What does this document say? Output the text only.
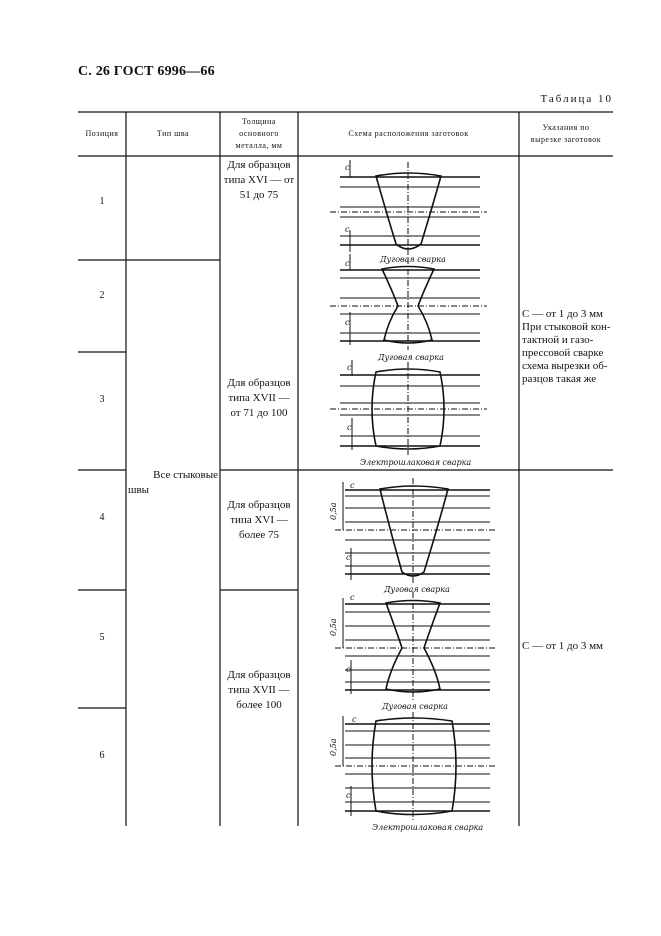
С. 26 ГОСТ 6996—66
Таблица 10
Дуговая сварка
Дуговая сварка
Электрошлаковая сварка
Дуговая сварка
Дуговая сварка
Электрошлаковая сварка
c
c
c
c
c
c
c
c
c
c
c
c
0,5a
0,5a
0,5a
Позиция	Тип шва
Толщина
основного
металла, мм
Схема расположения заготовок
Указания по
вырезке заготовок
1
2
3
4
5
6
Все стыковые
швы
Для образцов
типа XVI — от
51 до 75
Для образцов
типа XVII —
от 71 до 100
Для образцов
типа XVI —
более 75
Для образцов
типа XVII —
более 100
С — от 1 до 3 мм
При стыковой кон-
тактной и газо-
прессовой сварке
схема вырезки об-
разцов такая же
С — от 1 до 3 мм
